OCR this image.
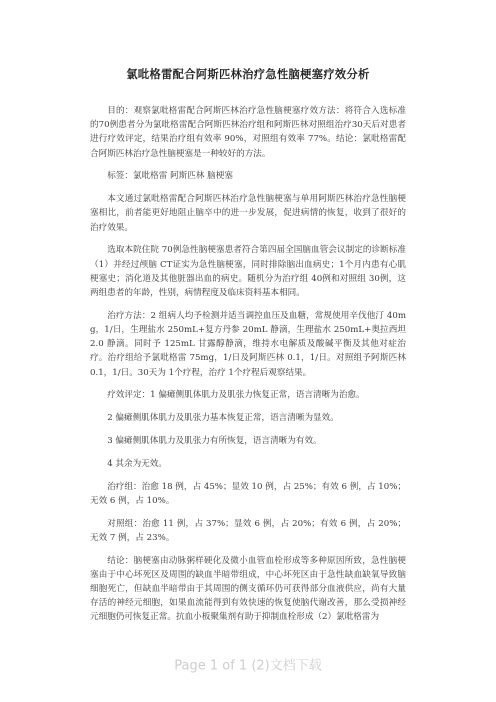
氯吡格雷配合阿斯匹林治疗急性脑梗塞疗效分析

目的：观察氯吡格雷配合阿斯匹林治疗急性脑梗塞疗效方法：将符合入选标准的70例患者分为氯吡格雷配合阿斯匹林治疗组和阿斯匹林对照组治疗30天后对患者进行疗效评定，结果治疗组有效率 90%，对照组有效率 77%。结论：氯吡格雷配合阿斯匹林治疗急性脑梗塞是一种较好的方法。

标签：氯吡格雷 阿斯匹林 脑梗塞

本文通过氯吡格雷配合阿斯匹林治疗急性脑梗塞与单用阿斯匹林治疗急性脑梗塞相比，前者能更好地阻止脑卒中的进一步发展，促进病情的恢复，收到了很好的治疗效果。

选取本院住院 70例急性脑梗塞患者符合第四届全国脑血管会议制定的诊断标准（1）并经过颅脑 CT证实为急性脑梗塞，同时排除脑出血病史；1个月内患有心肌梗塞史；消化道及其他脏器出血的病史。随机分为治疗组 40例和对照组 30例，这两组患者的年龄，性别，病情程度及临床资料基本相同。

治疗方法：2 组病人均予检测并适当调控血压及血糖，常规使用辛伐他汀 40mg，1/日，生理盐水 250mL+复方丹参 20mL 静滴，生理盐水 250mL+奥拉西坦 2.0 静滴。同时予 125mL 甘露醇静滴，维持水电解质及酸碱平衡及其他对症治疗。治疗组给予氯吡格雷 75mg，1/日及阿斯匹林 0.1，1/日。对照组予阿斯匹林 0.1，1/日。30天为 1个疗程，治疗 1个疗程后观察结果。

疗效评定：1 偏瘫侧肌体肌力及肌张力恢复正常，语言清晰为治愈。

2 偏瘫侧肌体肌力及肌张力基本恢复正常，语言清晰为显效。

3 偏瘫侧肌体肌力及肌张力有所恢复，语言清晰为有效。

4 其余为无效。

治疗组：治愈 18 例，占 45%；显效 10 例，占 25%；有效 6 例，占 10%；无效 6 例，占 10%。

对照组：治愈 11 例，占 37%；显效 6 例，占 20%；有效 6 例，占 20%；无效 7 例，占 23%。

结论：脑梗塞由动脉粥样硬化及微小血管血栓形成等多种原因所致，急性脑梗塞由于中心坏死区及周围的缺血半暗带组成，中心坏死区由于急性缺血缺氧导致脑细胞死亡，但缺血半暗带由于其周围的侧支循环仍可获得部分血液供应，尚有大量存活的神经元细胞，如果血流能得到有效快速的恢复使脑代谢改善，那么受损神经元细胞仍可恢复正常。抗血小板聚集剂有助于抑制血栓形成（2）氯吡格雷为

Page 1 of 1 (2)文档下载
